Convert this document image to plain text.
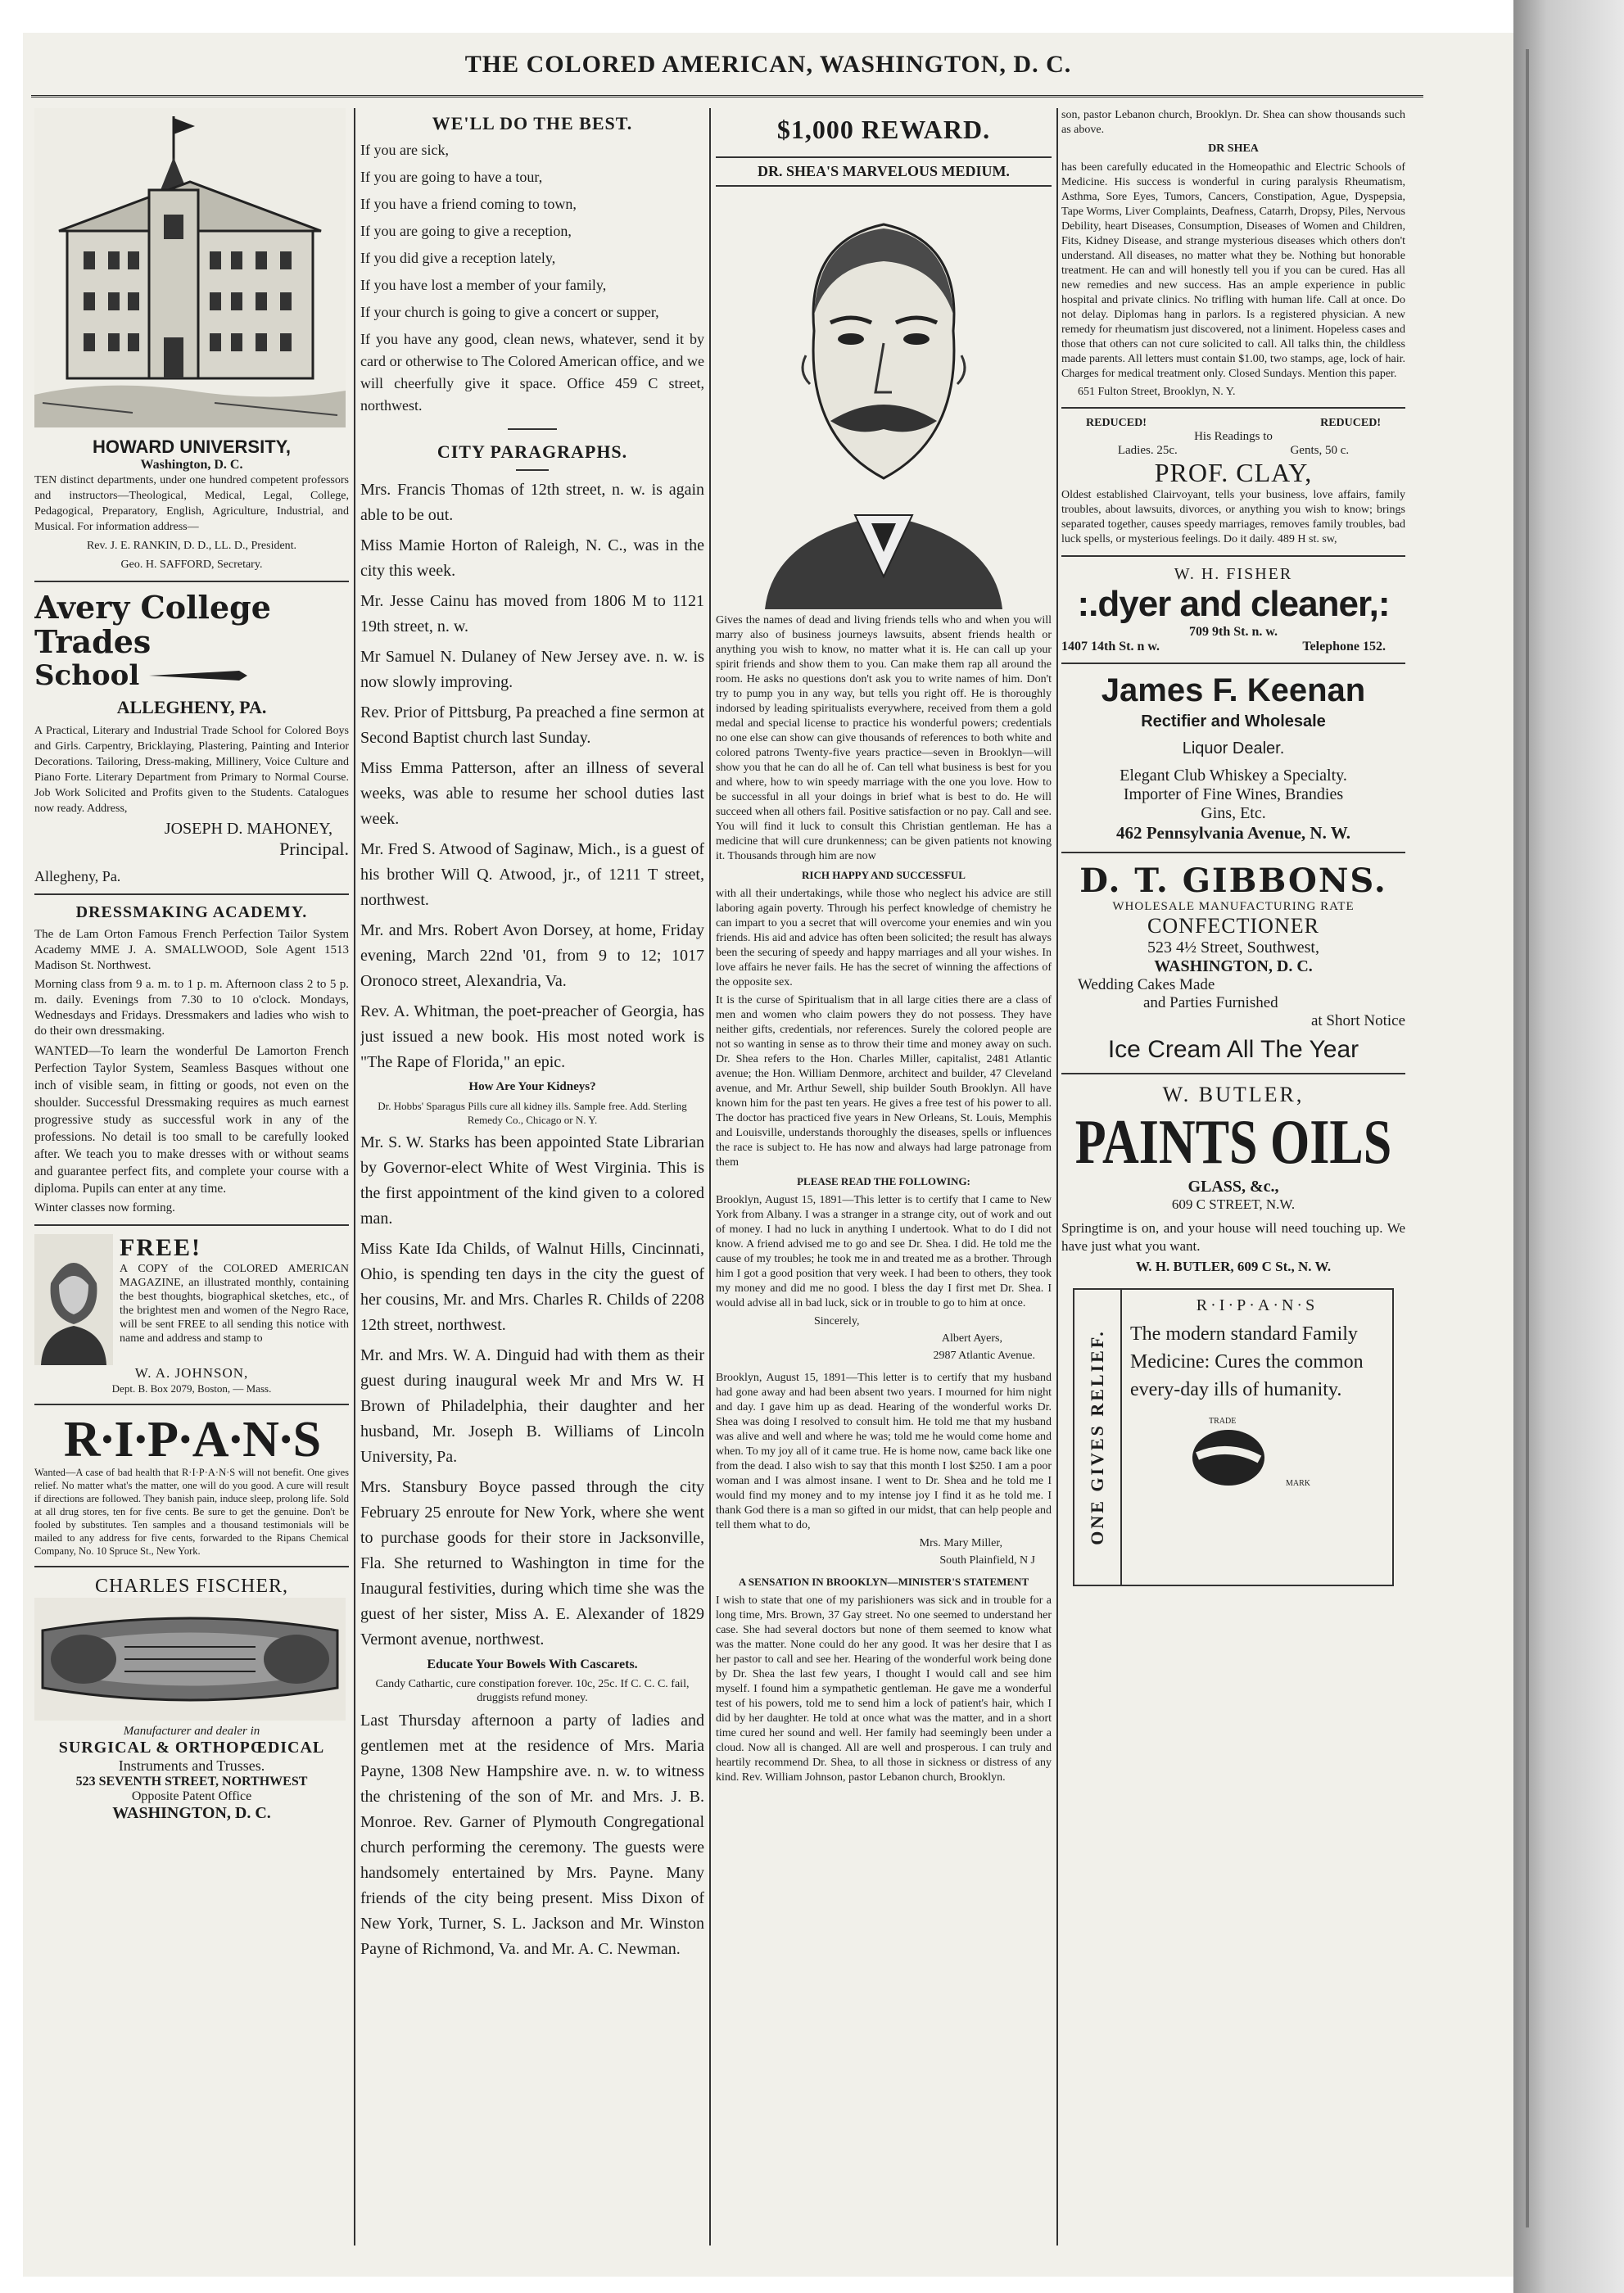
THE COLORED AMERICAN, WASHINGTON, D. C.
HOWARD UNIVERSITY,
Washington, D. C.

TEN distinct departments, under one hundred competent professors and instructors—Theological, Medical, Legal, College, Pedagogical, Preparatory, English, Agriculture, Industrial, and Musical. For information address—

Rev. J. E. RANKIN, D. D., LL. D., President.
Geo. H. SAFFORD, Secretary.
Avery College Trades
School
ALLEGHENY, PA.

A Practical, Literary and Industrial Trade School for Colored Boys and Girls. Carpentry, Bricklaying, Plastering, Painting and Interior Decorations. Tailoring, Dress-making, Millinery, Voice Culture and Piano Forte. Literary Department from Primary to Normal Course. Job Work Solicited and Profits given to the Students. Catalogues now ready. Address,

JOSEPH D. MAHONEY,
Principal.
Allegheny, Pa.
DRESSMAKING ACADEMY.

The de Lam Orton Famous French Perfection Tailor System Academy MME J. A. SMALLWOOD, Sole Agent 1513 Madison St. Northwest.

Morning class from 9 a. m. to 1 p. m. Afternoon class 2 to 5 p. m. daily. Evenings from 7.30 to 10 o'clock. Mondays, Wednesdays and Fridays. Dressmakers and ladies who wish to do their own dressmaking.

WANTED—To learn the wonderful De Lamorton French Perfection Taylor System, Seamless Basques without one inch of visible seam, in fitting or goods, not even on the shoulder. Successful Dressmaking requires as much earnest progressive study as successful work in any of the professions. No detail is too small to be carefully looked after. We teach you to make dresses with or without seams and guarantee perfect fits, and complete your course with a diploma. Pupils can enter at any time.

Winter classes now forming.
FREE!

A COPY of the COLORED AMERICAN MAGAZINE, an illustrated monthly, containing the best thoughts, biographical sketches, etc., of the brightest men and women of the Negro Race, will be sent FREE to all sending this notice with name and address and stamp to

W. A. JOHNSON,
Dept. B. Box 2079, Boston, — Mass.
R·I·P·A·N·S

Wanted—A case of bad health that R·I·P·A·N·S will not benefit. One gives relief. No matter what's the matter, one will do you good. A cure will result if directions are followed. They banish pain, induce sleep, prolong life. Sold at all drug stores, ten for five cents. Be sure to get the genuine. Don't be fooled by substitutes. Ten samples and a thousand testimonials will be mailed to any address for five cents, forwarded to the Ripans Chemical Company, No. 10 Spruce St., New York.

CHARLES FISCHER,
Manufacturer and dealer in
SURGICAL & ORTHOPŒDICAL
Instruments and Trusses.
523 SEVENTH STREET, NORTHWEST
Opposite Patent Office
WASHINGTON, D. C.
WE'LL DO THE BEST.

If you are sick,

If you are going to have a tour,

If you have a friend coming to town,

If you are going to give a reception,

If you did give a reception lately,

If you have lost a member of your family,

If your church is going to give a concert or supper,

If you have any good, clean news, whatever, send it by card or otherwise to The Colored American office, and we will cheerfully give it space. Office 459 C street, northwest.

CITY PARAGRAPHS.

Mrs. Francis Thomas of 12th street, n. w. is again able to be out.

Miss Mamie Horton of Raleigh, N. C., was in the city this week.

Mr. Jesse Cainu has moved from 1806 M to 1121 19th street, n. w.

Mr Samuel N. Dulaney of New Jersey ave. n. w. is now slowly improving.

Rev. Prior of Pittsburg, Pa preached a fine sermon at Second Baptist church last Sunday.

Miss Emma Patterson, after an illness of several weeks, was able to resume her school duties last week.

Mr. Fred S. Atwood of Saginaw, Mich., is a guest of his brother Will Q. Atwood, jr., of 1211 T street, northwest.

Mr. and Mrs. Robert Avon Dorsey, at home, Friday evening, March 22nd '01, from 9 to 12; 1017 Oronoco street, Alexandria, Va.

Rev. A. Whitman, the poet-preacher of Georgia, has just issued a new book. His most noted work is "The Rape of Florida," an epic.

How Are Your Kidneys?

Dr. Hobbs' Sparagus Pills cure all kidney ills. Sample free. Add. Sterling Remedy Co., Chicago or N. Y.

Mr. S. W. Starks has been appointed State Librarian by Governor-elect White of West Virginia. This is the first appointment of the kind given to a colored man.

Miss Kate Ida Childs, of Walnut Hills, Cincinnati, Ohio, is spending ten days in the city the guest of her cousins, Mr. and Mrs. Charles R. Childs of 2208 12th street, northwest.

Mr. and Mrs. W. A. Dinguid had with them as their guest during inaugural week Mr and Mrs W. H Brown of Philadelphia, their daughter and her husband, Mr. Joseph B. Williams of Lincoln University, Pa.

Mrs. Stansbury Boyce passed through the city February 25 enroute for New York, where she went to purchase goods for their store in Jacksonville, Fla. She returned to Washington in time for the Inaugural festivities, during which time she was the guest of her sister, Miss A. E. Alexander of 1829 Vermont avenue, northwest.

Educate Your Bowels With Cascarets.

Candy Cathartic, cure constipation forever. 10c, 25c. If C. C. C. fail, druggists refund money.

Last Thursday afternoon a party of ladies and gentlemen met at the residence of Mrs. Maria Payne, 1308 New Hampshire ave. n. w. to witness the christening of the son of Mr. and Mrs. J. B. Monroe. Rev. Garner of Plymouth Congregational church performing the ceremony. The guests were handsomely entertained by Mrs. Payne. Many friends of the city being present. Miss Dixon of New York, Turner, S. L. Jackson and Mr. Winston Payne of Richmond, Va. and Mr. A. C. Newman.

$1,000 REWARD.
DR. SHEA'S MARVELOUS MEDIUM.

Gives the names of dead and living friends tells who and when you will marry also of business journeys lawsuits, absent friends health or anything you wish to know, no matter what it is. He can call up your spirit friends and show them to you. Can make them rap all around the room. He asks no questions don't ask you to write names of him. Don't try to pump you in any way, but tells you right off. He is thoroughly indorsed by leading spiritualists everywhere, received from them a gold medal and special license to practice his wonderful powers; credentials no one else can show can give thousands of references to both white and colored patrons Twenty-five years practice—seven in Brooklyn—will show you that he can do all he of. Can tell what business is best for you and where, how to win speedy marriage with the one you love. How to be successful in all your doings in brief what is best to do. He will succeed when all others fail. Positive satisfaction or no pay. Call and see. You will find it luck to consult this Christian gentleman. He has a medicine that will cure drunkenness; can be given patients not knowing it. Thousands through him are now

RICH HAPPY AND SUCCESSFUL

with all their undertakings, while those who neglect his advice are still laboring again poverty. Through his perfect knowledge of chemistry he can impart to you a secret that will overcome your enemies and win you friends. His aid and advice has often been solicited; the result has always been the securing of speedy and happy marriages and all your wishes. In love affairs he never fails. He has the secret of winning the affections of the opposite sex.

It is the curse of Spiritualism that in all large cities there are a class of men and women who claim powers they do not possess. They have neither gifts, credentials, nor references. Surely the colored people are not so wanting in sense as to throw their time and money away on such. Dr. Shea refers to the Hon. Charles Miller, capitalist, 2481 Atlantic avenue; the Hon. William Denmore, architect and builder, 47 Cleveland avenue, and Mr. Arthur Sewell, ship builder South Brooklyn. All have known him for the past ten years. He gives a free test of his power to all. The doctor has practiced five years in New Orleans, St. Louis, Memphis and Louisville, understands thoroughly the diseases, spells or influences the race is subject to. He has now and always had large patronage from them

PLEASE READ THE FOLLOWING:

Brooklyn, August 15, 1891—This letter is to certify that I came to New York from Albany. I was a stranger in a strange city, out of work and out of money. I had no luck in anything I undertook. What to do I did not know. A friend advised me to go and see Dr. Shea. I did. He told me the cause of my troubles; he took me in and treated me as a brother. Through him I got a good position that very week. I had been to others, they took my money and did me no good. I bless the day I first met Dr. Shea. I would advise all in bad luck, sick or in trouble to go to him at once.

Sincerely,
Albert Ayers,
2987 Atlantic Avenue.

Brooklyn, August 15, 1891—This letter is to certify that my husband had gone away and had been absent two years. I mourned for him night and day. I gave him up as dead. Hearing of the wonderful works Dr. Shea was doing I resolved to consult him. He told me that my husband was alive and well and where he was; told me he would come home and when. To my joy all of it came true. He is home now, came back like one from the dead. I also wish to say that this month I lost $250. I am a poor woman and I was almost insane. I went to Dr. Shea and he told me I would find my money and to my intense joy I find it as he told me. I thank God there is a man so gifted in our midst, that can help people and tell them what to do,

Mrs. Mary Miller,
South Plainfield, N J
A SENSATION IN BROOKLYN—MINISTER'S STATEMENT

I wish to state that one of my parishioners was sick and in trouble for a long time, Mrs. Brown, 37 Gay street. No one seemed to understand her case. She had several doctors but none of them seemed to know what was the matter. None could do her any good. It was her desire that I as her pastor to call and see her. Hearing of the wonderful work being done by Dr. Shea the last few years, I thought I would call and see him myself. I found him a sympathetic gentleman. He gave me a wonderful test of his powers, told me to send him a lock of patient's hair, which I did by her daughter. He told at once what was the matter, and in a short time cured her sound and well. Her family had seemingly been under a cloud. Now all is changed. All are well and prosperous. I can truly and heartily recommend Dr. Shea, to all those in sickness or distress of any kind. Rev. William Johnson, pastor Lebanon church, Brooklyn.

son, pastor Lebanon church, Brooklyn. Dr. Shea can show thousands such as above.

DR SHEA

has been carefully educated in the Homeopathic and Electric Schools of Medicine. His success is wonderful in curing paralysis Rheumatism, Asthma, Sore Eyes, Tumors, Cancers, Constipation, Ague, Dyspepsia, Tape Worms, Liver Complaints, Deafness, Catarrh, Dropsy, Piles, Nervous Debility, heart Diseases, Consumption, Diseases of Women and Children, Fits, Kidney Disease, and strange mysterious diseases which others don't understand. All diseases, no matter what they be. Nothing but honorable treatment. He can and will honestly tell you if you can be cured. Has all new remedies and new success. Has an ample experience in public hospital and private clinics. No trifling with human life. Call at once. Do not delay. Diplomas hang in parlors. Is a registered physician. A new remedy for rheumatism just discovered, not a liniment. Hopeless cases and those that others can not cure solicited to call. All talks thin, the childless made parents. All letters must contain $1.00, two stamps, age, lock of hair. Charges for medical treatment only. Closed Sundays. Mention this paper.

651 Fulton Street, Brooklyn, N. Y.
REDUCED!	REDUCED!
His Readings to
Ladies. 25c.	Gents, 50 c.
PROF. CLAY,

Oldest established Clairvoyant, tells your business, love affairs, family troubles, about lawsuits, divorces, or anything you wish to know; brings separated together, causes speedy marriages, removes family troubles, bad luck spells, or mysterious feelings. Do it daily. 489 H st. sw,

W. H. FISHER
:.dyer and cleaner,:
709 9th St. n. w.
1407 14th St. n w.	Telephone 152.
James F. Keenan
Rectifier and Wholesale
Liquor Dealer.
Elegant Club Whiskey a Specialty.
Importer of Fine Wines, Brandies
Gins, Etc.
462 Pennsylvania Avenue, N. W.
D. T. GIBBONS.
WHOLESALE MANUFACTURING RATE
CONFECTIONER
523 4½ Street, Southwest,
WASHINGTON, D. C.
Wedding Cakes Made
and Parties Furnished
at Short Notice
Ice Cream All The Year
W. BUTLER,
PAINTS OILS
GLASS, &c.,
609 C STREET, N.W.

Springtime is on, and your house will need touching up. We have just what you want.

W. H. BUTLER, 609 C St., N. W.
ONE GIVES RELIEF.
R·I·P·A·N·S

The modern standard Family Medicine: Cures the common every-day ills of humanity.

TRADE
MARK
